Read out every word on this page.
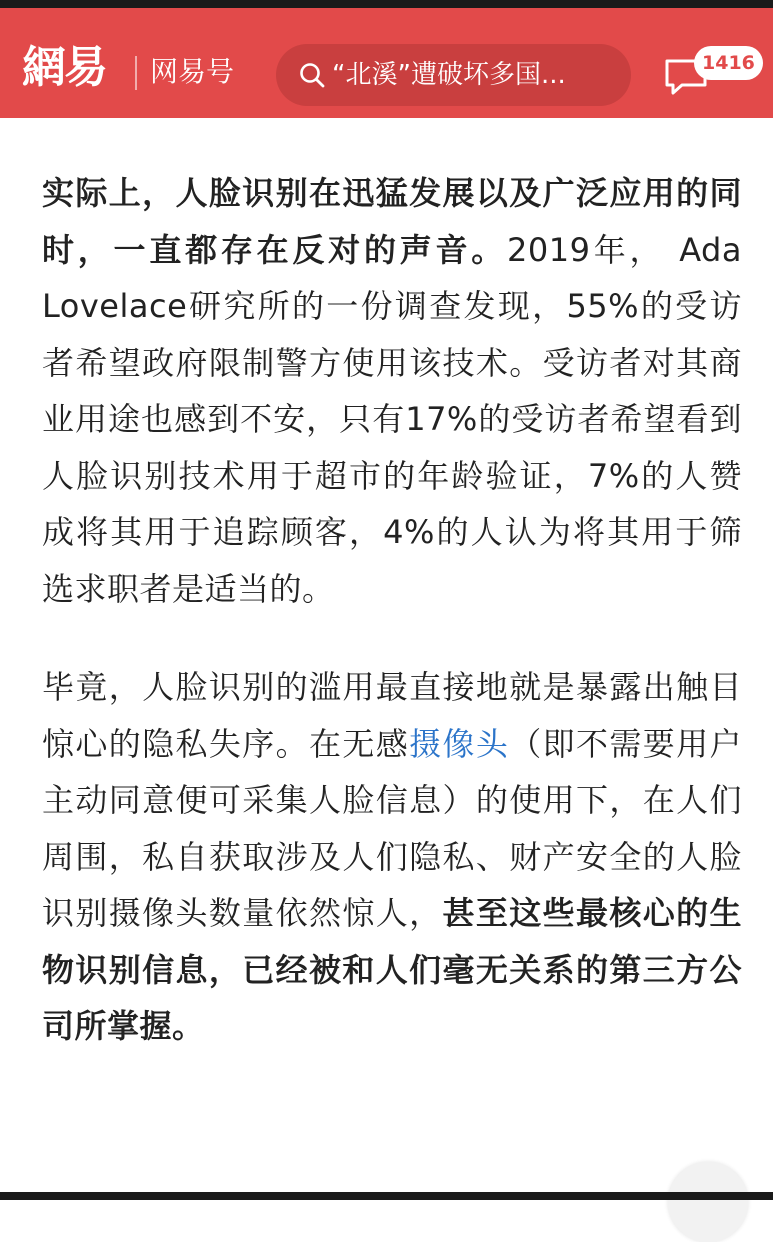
網易 网易号	“北溪”遭破坏多国...	1416

实际上，人脸识别在迅猛发展以及广泛应用的同时，一直都存在反对的声音。2019年， Ada Lovelace研究所的一份调查发现，55%的受访者希望政府限制警方使用该技术。受访者对其商业用途也感到不安，只有17%的受访者希望看到人脸识别技术用于超市的年龄验证，7%的人赞成将其用于追踪顾客，4%的人认为将其用于筛选求职者是适当的。

毕竟，人脸识别的滥用最直接地就是暴露出触目惊心的隐私失序。在无感摄像头（即不需要用户主动同意便可采集人脸信息）的使用下，在人们周围，私自获取涉及人们隐私、财产安全的人脸识别摄像头数量依然惊人，甚至这些最核心的生物识别信息，已经被和人们毫无关系的第三方公司所掌握。
